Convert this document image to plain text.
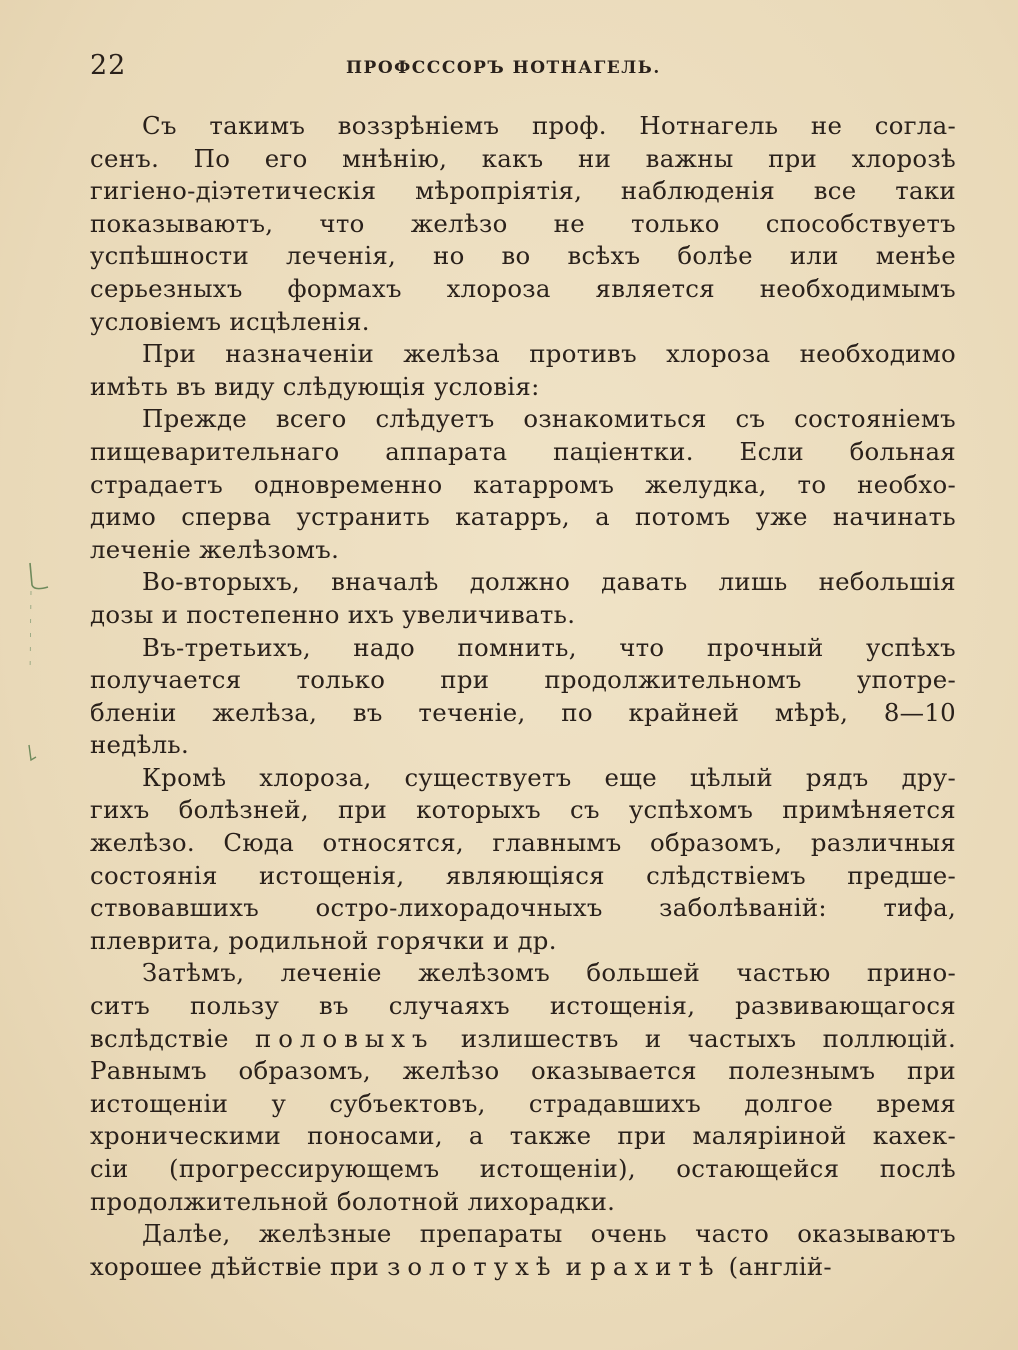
22	ПРОФСССОРЪ НОТНАГЕЛЬ.
Съ такимъ воззрѣніемъ проф. Нотнагель не согла-
сенъ. По его мнѣнію, какъ ни важны при хлорозѣ
гигіено-діэтетическія мѣропріятія, наблюденія все таки
показываютъ, что желѣзо не только способствуетъ
успѣшности леченія, но во всѣхъ болѣе или менѣе
серьезныхъ формахъ хлороза является необходимымъ
условіемъ исцѣленія.
При назначеніи желѣза противъ хлороза необходимо
имѣть въ виду слѣдующія условія:
Прежде всего слѣдуетъ ознакомиться съ состояніемъ
пищеварительнаго аппарата паціентки. Если больная
страдаетъ одновременно катарромъ желудка, то необхо-
димо сперва устранить катарръ, а потомъ уже начинать
леченіе желѣзомъ.
Во-вторыхъ, вначалѣ должно давать лишь небольшія
дозы и постепенно ихъ увеличивать.
Въ-третьихъ, надо помнить, что прочный успѣхъ
получается только при продолжительномъ употре-
бленіи желѣза, въ теченіе, по крайней мѣрѣ, 8—10
недѣль.
Кромѣ хлороза, существуетъ еще цѣлый рядъ дру-
гихъ болѣзней, при которыхъ съ успѣхомъ примѣняется
желѣзо. Сюда относятся, главнымъ образомъ, различныя
состоянія истощенія, являющіяся слѣдствіемъ предше-
ствовавшихъ остро-лихорадочныхъ заболѣваній: тифа,
плеврита, родильной горячки и др.
Затѣмъ, леченіе желѣзомъ большей частью прино-
ситъ пользу въ случаяхъ истощенія, развивающагося
вслѣдствіе половыхъ излишествъ и частыхъ поллюцій.
Равнымъ образомъ, желѣзо оказывается полезнымъ при
истощеніи у субъектовъ, страдавшихъ долгое время
хроническими поносами, а также при маляріиной кахек-
сіи (прогрессирующемъ истощеніи), остающейся послѣ
продолжительной болотной лихорадки.
Далѣе, желѣзные препараты очень часто оказываютъ
хорошее дѣйствіе при золотухѣ и рахитѣ (англій-
